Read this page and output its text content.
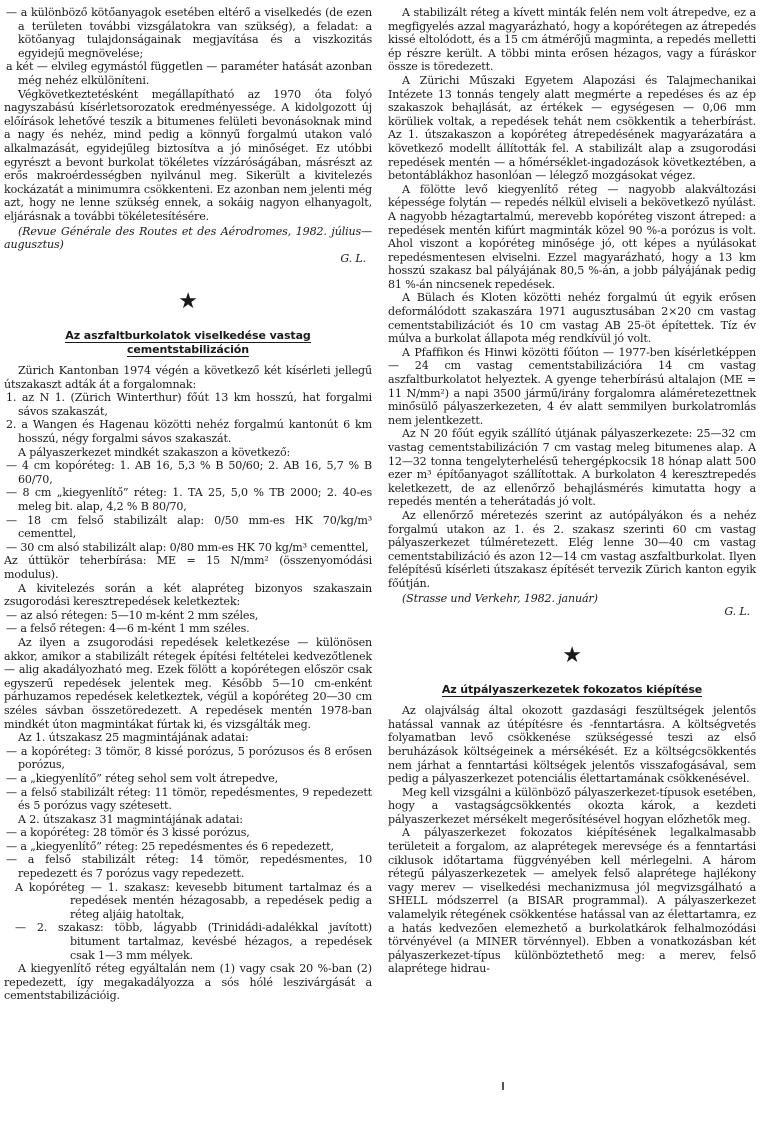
— a különböző kötőanyagok esetében eltérő a viselkedés (de ezen a területen további vizsgálatokra van szükség), a feladat: a kötőanyag tulajdonságainak megjavítása és a viszkozitás egyidejű megnövelése;

a két — elvileg egymástól független — paraméter hatását azonban még nehéz elkülöníteni.

Végkövetkeztetésként megállapítható az 1970 óta folyó nagyszabású kísérletsorozatok eredményessége. A kidolgozott új előírások lehetővé teszik a bitumenes felületi bevonásoknak mind a nagy és nehéz, mind pedig a könnyű forgalmú utakon való alkalmazását, egyidejűleg biztosítva a jó minőséget. Ez utóbbi egyrészt a bevont burkolat tökéletes vízzáróságában, másrészt az erős makroérdességben nyilvánul meg. Sikerült a kivitelezés kockázatát a minimumra csökkenteni. Ez azonban nem jelenti még azt, hogy ne lenne szükség ennek, a sokáig nagyon elhanyagolt, eljárásnak a további tökéletesítésére.

(Revue Générale des Routes et des Aérodromes, 1982. július—augusztus)

G. L.

★
Az aszfaltburkolatok viselkedése vastag cementstabilizáción

Zürich Kantonban 1974 végén a következő két kísérleti jellegű útszakaszt adták át a forgalomnak:

1. az N 1. (Zürich Winterthur) főút 13 km hosszú, hat forgalmi sávos szakaszát,

2. a Wangen és Hagenau közötti nehéz forgalmú kantonút 6 km hosszú, négy forgalmi sávos szakaszát.

A pályaszerkezet mindkét szakaszon a következő:

— 4 cm kopóréteg: 1. AB 16, 5,3 % B 50/60; 2. AB 16, 5,7 % B 60/70,

— 8 cm „kiegyenlítő” réteg: 1. TA 25, 5,0 % TB 2000; 2. 40-es meleg bit. alap, 4,2 % B 80/70,

— 18 cm felső stabilizált alap: 0/50 mm-es HK 70/kg/m³ cementtel,

— 30 cm alsó stabilizált alap: 0/80 mm-es HK 70 kg/m³ cementtel,

Az úttükör teherbírása: ME = 15 N/mm² (összenyomódási modulus).

A kivitelezés során a két alapréteg bizonyos szakaszain zsugorodási keresztrepedések keletkeztek:

— az alsó rétegen: 5—10 m-ként 2 mm széles,

— a felső rétegen: 4—6 m-ként 1 mm széles.

Az ilyen a zsugorodási repedések keletkezése — különösen akkor, amikor a stabilizált rétegek építési feltételei kedvezőtlenek — alig akadályozható meg. Ezek fölött a kopórétegen először csak egyszerű repedések jelentek meg. Később 5—10 cm-enként párhuzamos repedések keletkeztek, végül a kopóréteg 20—30 cm széles sávban összetöredezett. A repedések mentén 1978-ban mindkét úton magmintákat fúrtak ki, és vizsgálták meg.

Az 1. útszakasz 25 magmintájának adatai:

— a kopóréteg: 3 tömör, 8 kissé porózus, 5 porózusos és 8 erősen porózus,

— a „kiegyenlítő” réteg sehol sem volt átrepedve,

— a felső stabilizált réteg: 11 tömör, repedésmentes, 9 repedezett és 5 porózus vagy szétesett.

A 2. útszakasz 31 magmintájának adatai:

— a kopóréteg: 28 tömör és 3 kissé porózus,

— a „kiegyenlítő” réteg: 25 repedésmentes és 6 repedezett,

— a felső stabilizált réteg: 14 tömör, repedésmentes, 10 repedezett és 7 porózus vagy repedezett.

A kopóréteg — 1. szakasz: kevesebb bitument tartalmaz és a repedések mentén hézagosabb, a repedések pedig a réteg aljáig hatoltak,

— 2. szakasz: több, lágyabb (Trinidádi-adalékkal javított) bitument tartalmaz, kevésbé hézagos, a repedések csak 1—3 mm mélyek.

A kiegyenlítő réteg egyáltalán nem (1) vagy csak 20 %-ban (2) repedezett, így megakadályozza a sós hólé leszivárgását a cementstabilizációig.

A stabilizált réteg a kívett minták felén nem volt átrepedve, ez a megfigyelés azzal magyarázható, hogy a kopórétegen az átrepedés kissé eltolódott, és a 15 cm átmérőjű magminta, a repedés melletti ép részre került. A többi minta erősen hézagos, vagy a fúráskor össze is töredezett.

A Zürichi Műszaki Egyetem Alapozási és Talajmechanikai Intézete 13 tonnás tengely alatt megmérte a repedéses és az ép szakaszok behajlását, az értékek — egységesen — 0,06 mm körüliek voltak, a repedések tehát nem csökkentik a teherbírást. Az 1. útszakaszon a kopóréteg átrepedésének magyarázatára a következő modellt állították fel. A stabilizált alap a zsugorodási repedések mentén — a hőmérséklet-ingadozások következtében, a betontáblákhoz hasonlóan — lélegző mozgásokat végez.

A fölötte levő kiegyenlítő réteg — nagyobb alakváltozási képessége folytán — repedés nélkül elviseli a bekövetkező nyúlást. A nagyobb hézagtartalmú, merevebb kopóréteg viszont átreped: a repedések mentén kifúrt magminták közel 90 %-a porózus is volt. Ahol viszont a kopóréteg minősége jó, ott képes a nyúlásokat repedésmentesen elviselni. Ezzel magyarázható, hogy a 13 km hosszú szakasz bal pályájának 80,5 %-án, a jobb pályájának pedig 81 %-án nincsenek repedések.

A Bülach és Kloten közötti nehéz forgalmú út egyik erősen deformálódott szakaszára 1971 augusztusában 2×20 cm vastag cementstabilizációt és 10 cm vastag AB 25-öt építettek. Tíz év múlva a burkolat állapota még rendkívül jó volt.

A Pfaffikon és Hinwi közötti főúton — 1977-ben kísérletképpen — 24 cm vastag cementstabilizációra 14 cm vastag aszfaltburkolatot helyeztek. A gyenge teherbírású altalajon (ME = 11 N/mm²) a napi 3500 jármű/irány forgalomra aláméretezettnek minősülő pályaszerkezeten, 4 év alatt semmilyen burkolatromlás nem jelentkezett.

Az N 20 főút egyik szállító útjának pályaszerkezete: 25—32 cm vastag cementstabilizáción 7 cm vastag meleg bitumenes alap. A 12—32 tonna tengelyterhelésű tehergépkocsik 18 hónap alatt 500 ezer m³ építőanyagot szállítottak. A burkolaton 4 keresztrepedés keletkezett, de az ellenőrző behajlásmérés kimutatta hogy a repedés mentén a teherátadás jó volt.

Az ellenőrző méretezés szerint az autópályákon és a nehéz forgalmú utakon az 1. és 2. szakasz szerinti 60 cm vastag pályaszerkezet túlméretezett. Elég lenne 30—40 cm vastag cementstabilizáció és azon 12—14 cm vastag aszfaltburkolat. Ilyen felépítésű kísérleti útszakasz építését tervezik Zürich kanton egyik főútján.

(Strasse und Verkehr, 1982. január)

G. L.

★
Az útpályaszerkezetek fokozatos kiépítése

Az olajválság által okozott gazdasági feszültségek jelentős hatással vannak az útépítésre és -fenntartásra. A költségvetés folyamatban levő csökkenése szükségessé teszi az első beruházások költségeinek a mérsékését. Ez a költségcsökkentés nem járhat a fenntartási költségek jelentős visszafogásával, sem pedig a pályaszerkezet potenciális élettartamának csökkenésével.

Meg kell vizsgálni a különböző pályaszerkezet-típusok esetében, hogy a vastagságcsökkentés okozta károk, a kezdeti pályaszerkezet mérsékelt megerősítésével hogyan előzhetők meg.

A pályaszerkezet fokozatos kiépítésének legalkalmasabb területeit a forgalom, az alaprétegek merevsége és a fenntartási ciklusok időtartama függvényében kell mérlegelni. A három rétegű pályaszerkezetek — amelyek felső alaprétege hajlékony vagy merev — viselkedési mechanizmusa jól megvizsgálható a SHELL módszerrel (a BISAR programmal). A pályaszerkezet valamelyik rétegének csökkentése hatással van az élettartamra, ez a hatás kedvezően elemezhető a burkolatkárok felhalmozódási törvényével (a MINER törvénnyel). Ebben a vonatkozásban két pályaszerkezet-típus különböztethető meg: a merev, felső alaprétege hidrau-
